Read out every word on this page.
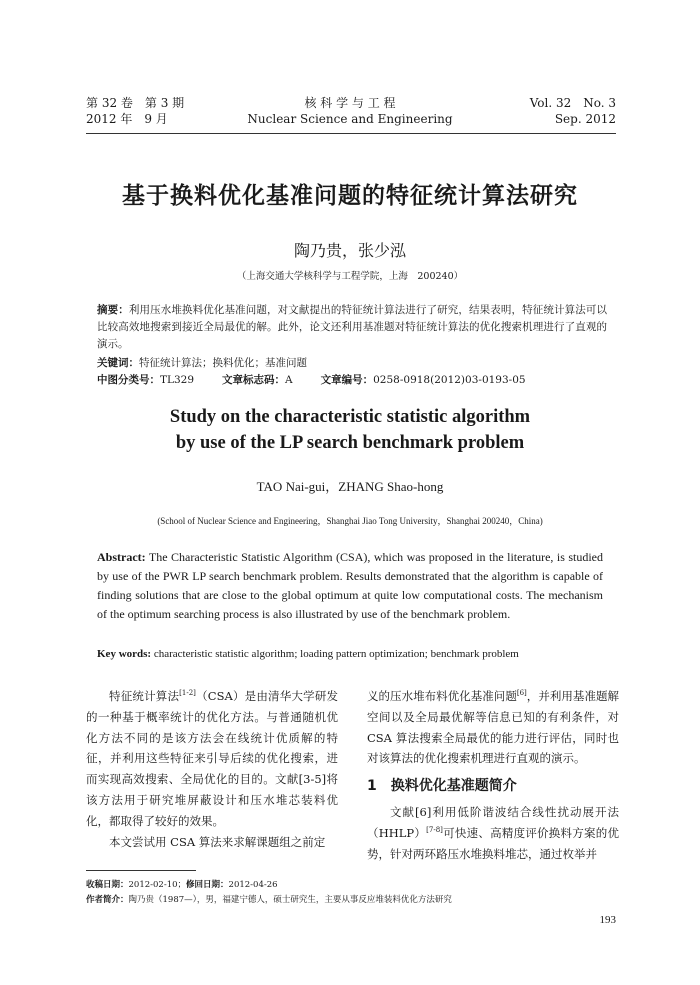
第 32 卷　第 3 期
2012 年　9 月
核 科 学 与 工 程
Nuclear Science and Engineering
Vol. 32　No. 3
Sep. 2012
基于换料优化基准问题的特征统计算法研究
陶乃贵，张少泓
（上海交通大学核科学与工程学院，上海　200240）
摘要：利用压水堆换料优化基准问题，对文献提出的特征统计算法进行了研究，结果表明，特征统计算法可以比较高效地搜索到接近全局最优的解。此外，论文还利用基准题对特征统计算法的优化搜索机理进行了直观的演示。
关键词：特征统计算法；换料优化；基准问题
中图分类号：TL329	文章标志码：A	文章编号：0258-0918(2012)03-0193-05
Study on the characteristic statistic algorithm
by use of the LP search benchmark problem
TAO Nai-gui，ZHANG Shao-hong
(School of Nuclear Science and Engineering，Shanghai Jiao Tong University，Shanghai 200240，China)
Abstract: The Characteristic Statistic Algorithm (CSA), which was proposed in the literature, is studied by use of the PWR LP search benchmark problem. Results demonstrated that the algorithm is capable of finding solutions that are close to the global optimum at quite low computational costs. The mechanism of the optimum searching process is also illustrated by use of the benchmark problem.
Key words: characteristic statistic algorithm; loading pattern optimization; benchmark problem

特征统计算法[1-2]（CSA）是由清华大学研发的一种基于概率统计的优化方法。与普通随机优化方法不同的是该方法会在线统计优质解的特征，并利用这些特征来引导后续的优化搜索，进而实现高效搜索、全局优化的目的。文献[3-5]将该方法用于研究堆屏蔽设计和压水堆芯装料优化，都取得了较好的效果。

本文尝试用 CSA 算法来求解课题组之前定

义的压水堆布料优化基准问题[6]，并利用基准题解空间以及全局最优解等信息已知的有利条件，对 CSA 算法搜索全局最优的能力进行评估，同时也对该算法的优化搜索机理进行直观的演示。

1　 换料优化基准题简介

文献[6]利用低阶谐波结合线性扰动展开法（HHLP）[7-8]可快速、高精度评价换料方案的优势，针对两环路压水堆换料堆芯，通过枚举并

收稿日期：2012-02-10；修回日期：2012-04-26
作者简介：陶乃贵（1987—），男，福建宁德人，硕士研究生，主要从事反应堆装料优化方法研究
193
